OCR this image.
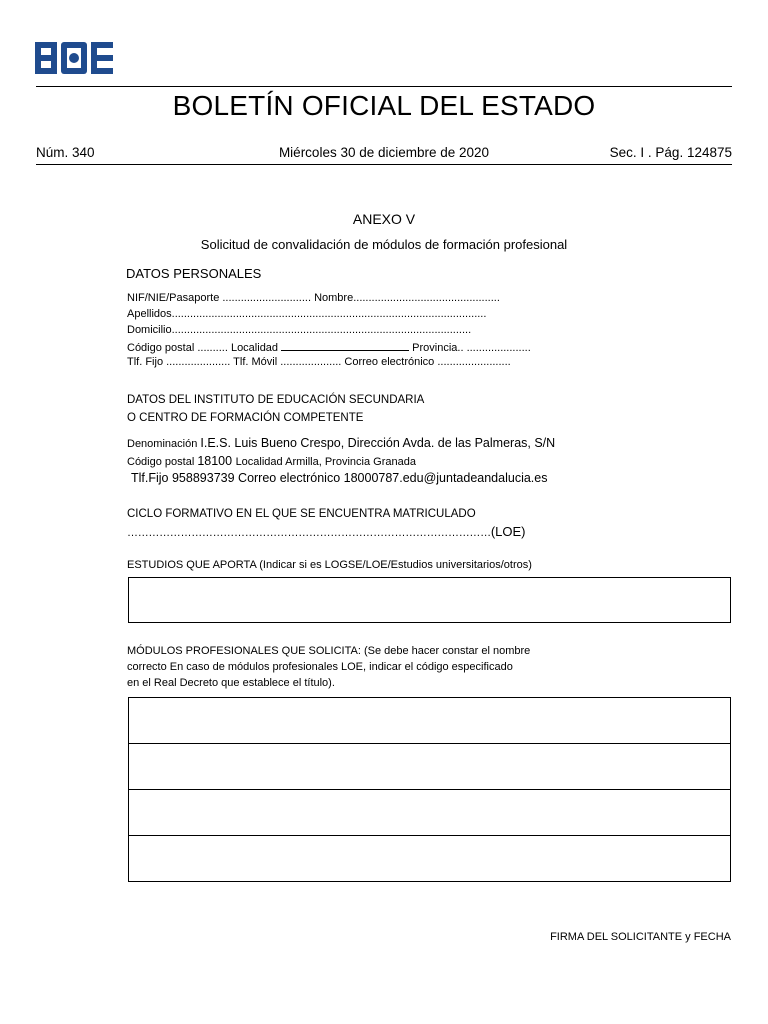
BOLETÍN OFICIAL DEL ESTADO
Núm. 340	Miércoles 30 de diciembre de 2020	Sec. I . Pág. 124875
ANEXO V
Solicitud de convalidación de módulos de formación profesional
DATOS PERSONALES
NIF/NIE/Pasaporte ............................. Nombre................................................
Apellidos.......................................................................................................
Domicilio..................................................................................................
Código postal .......... Localidad	Provincia.. .....................
Tlf. Fijo ..................... Tlf. Móvil .................... Correo electrónico ........................
DATOS DEL INSTITUTO DE EDUCACIÓN SECUNDARIA
O CENTRO DE FORMACIÓN COMPETENTE
Denominación I.E.S. Luis Bueno Crespo, Dirección Avda. de las Palmeras, S/N
Código postal 18100 Localidad Armilla, Provincia Granada
Tlf.Fijo 958893739 Correo electrónico 18000787.edu@juntadeandalucia.es
CICLO FORMATIVO EN EL QUE SE ENCUENTRA MATRICULADO
…………………………………………………………………………………………(LOE)
ESTUDIOS QUE APORTA (Indicar si es LOGSE/LOE/Estudios universitarios/otros)
MÓDULOS PROFESIONALES QUE SOLICITA: (Se debe hacer constar el nombre
correcto En caso de módulos profesionales LOE, indicar el código especificado
en el Real Decreto que establece el título).
FIRMA DEL SOLICITANTE y FECHA
